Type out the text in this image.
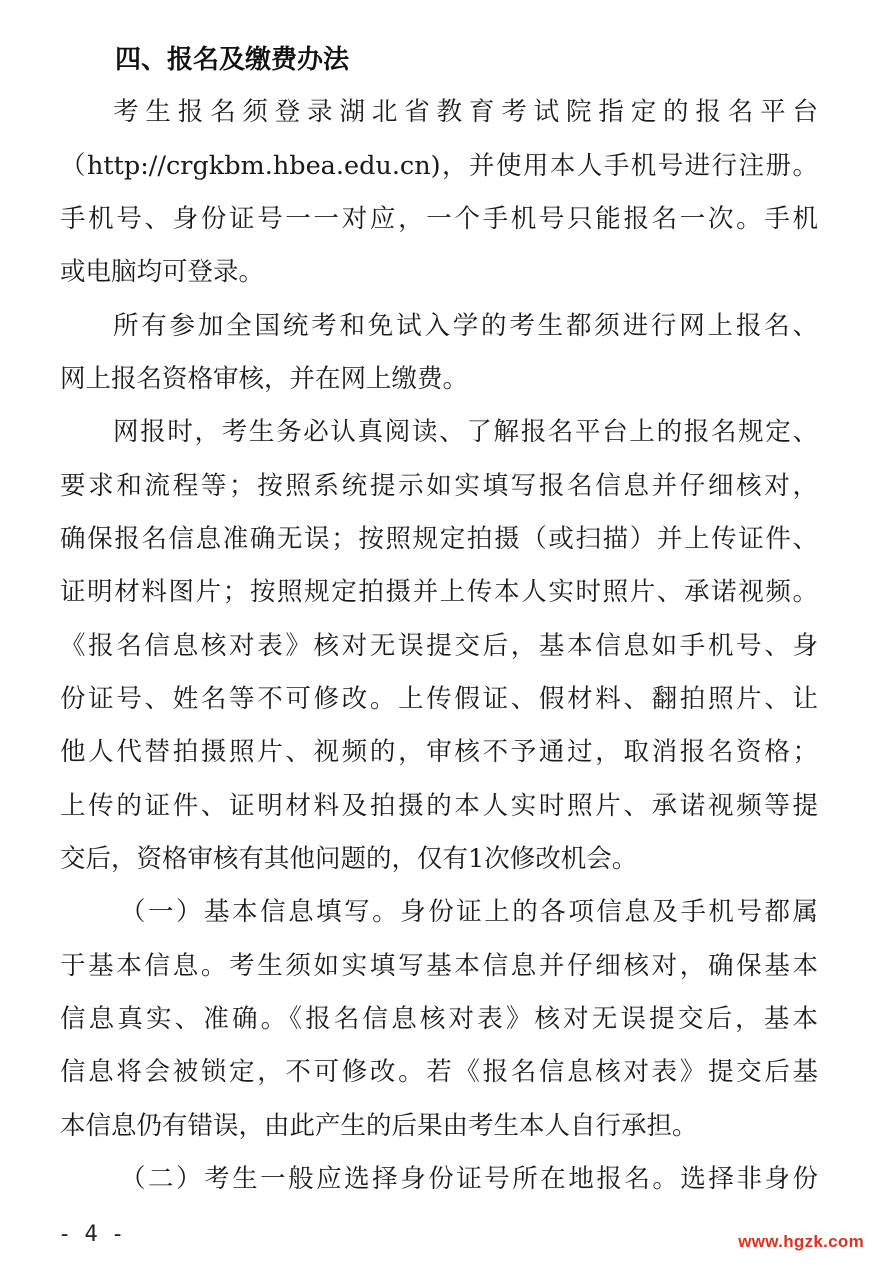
四、报名及缴费办法
考生报名须登录湖北省教育考试院指定的报名平台
（http://crgkbm.hbea.edu.cn)，并使用本人手机号进行注册。
手机号、身份证号一一对应，一个手机号只能报名一次。手机
或电脑均可登录。
所有参加全国统考和免试入学的考生都须进行网上报名、
网上报名资格审核，并在网上缴费。
网报时，考生务必认真阅读、了解报名平台上的报名规定、
要求和流程等；按照系统提示如实填写报名信息并仔细核对，
确保报名信息准确无误；按照规定拍摄（或扫描）并上传证件、
证明材料图片；按照规定拍摄并上传本人实时照片、承诺视频。
《报名信息核对表》核对无误提交后，基本信息如手机号、身
份证号、姓名等不可修改。上传假证、假材料、翻拍照片、让
他人代替拍摄照片、视频的，审核不予通过，取消报名资格；
上传的证件、证明材料及拍摄的本人实时照片、承诺视频等提
交后，资格审核有其他问题的，仅有1次修改机会。
（一）基本信息填写。身份证上的各项信息及手机号都属
于基本信息。考生须如实填写基本信息并仔细核对，确保基本
信息真实、准确。《报名信息核对表》核对无误提交后，基本
信息将会被锁定，不可修改。若《报名信息核对表》提交后基
本信息仍有错误，由此产生的后果由考生本人自行承担。
（二）考生一般应选择身份证号所在地报名。选择非身份
- 4 -	www.hgzk.com
